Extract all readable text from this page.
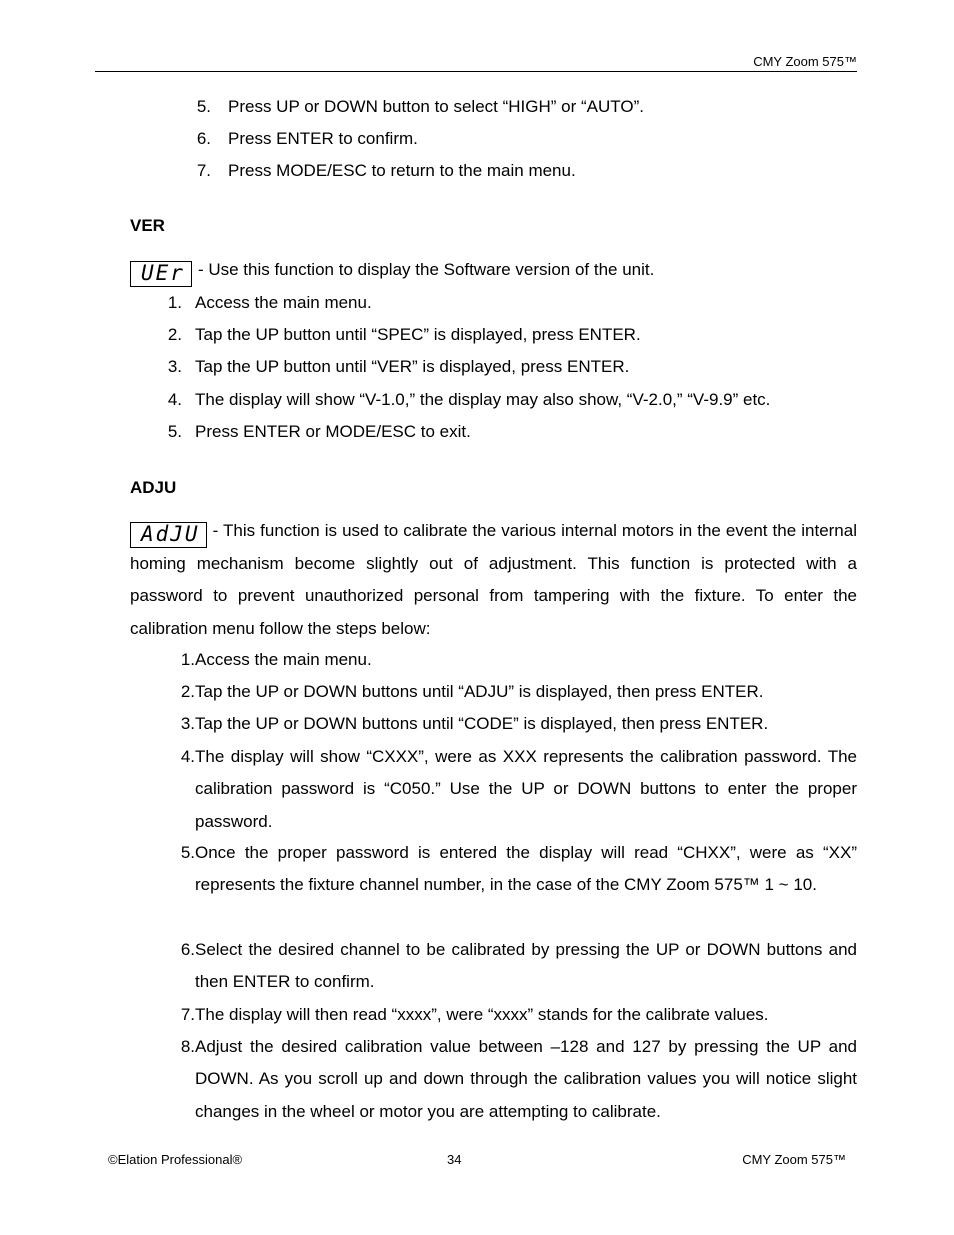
CMY Zoom 575™
5. Press UP or DOWN button to select “HIGH” or “AUTO”.
6. Press ENTER to confirm.
7. Press MODE/ESC to return to the main menu.
VER
UEr - Use this function to display the Software version of the unit.
1. Access the main menu.
2. Tap the UP button until “SPEC” is displayed, press ENTER.
3. Tap the UP button until “VER” is displayed, press ENTER.
4. The display will show “V-1.0,” the display may also show, “V-2.0,” “V-9.9” etc.
5. Press ENTER or MODE/ESC to exit.
ADJU
AdJU - This function is used to calibrate the various internal motors in the event the internal homing mechanism become slightly out of adjustment. This function is protected with a password to prevent unauthorized personal from tampering with the fixture. To enter the calibration menu follow the steps below:
1. Access the main menu.
2. Tap the UP or DOWN buttons until “ADJU” is displayed, then press ENTER.
3. Tap the UP or DOWN buttons until “CODE” is displayed, then press ENTER.
4. The display will show “CXXX”, were as XXX represents the calibration password. The calibration password is “C050.” Use the UP or DOWN buttons to enter the proper password.
5. Once the proper password is entered the display will read “CHXX”, were as “XX” represents the fixture channel number, in the case of the CMY Zoom 575™ 1 ~ 10.
6. Select the desired channel to be calibrated by pressing the UP or DOWN buttons and then ENTER to confirm.
7. The display will then read “xxxx”, were “xxxx” stands for the calibrate values.
8. Adjust the desired calibration value between –128 and 127 by pressing the UP and DOWN. As you scroll up and down through the calibration values you will notice slight changes in the wheel or motor you are attempting to calibrate.
©Elation Professional®	34	CMY Zoom 575™
